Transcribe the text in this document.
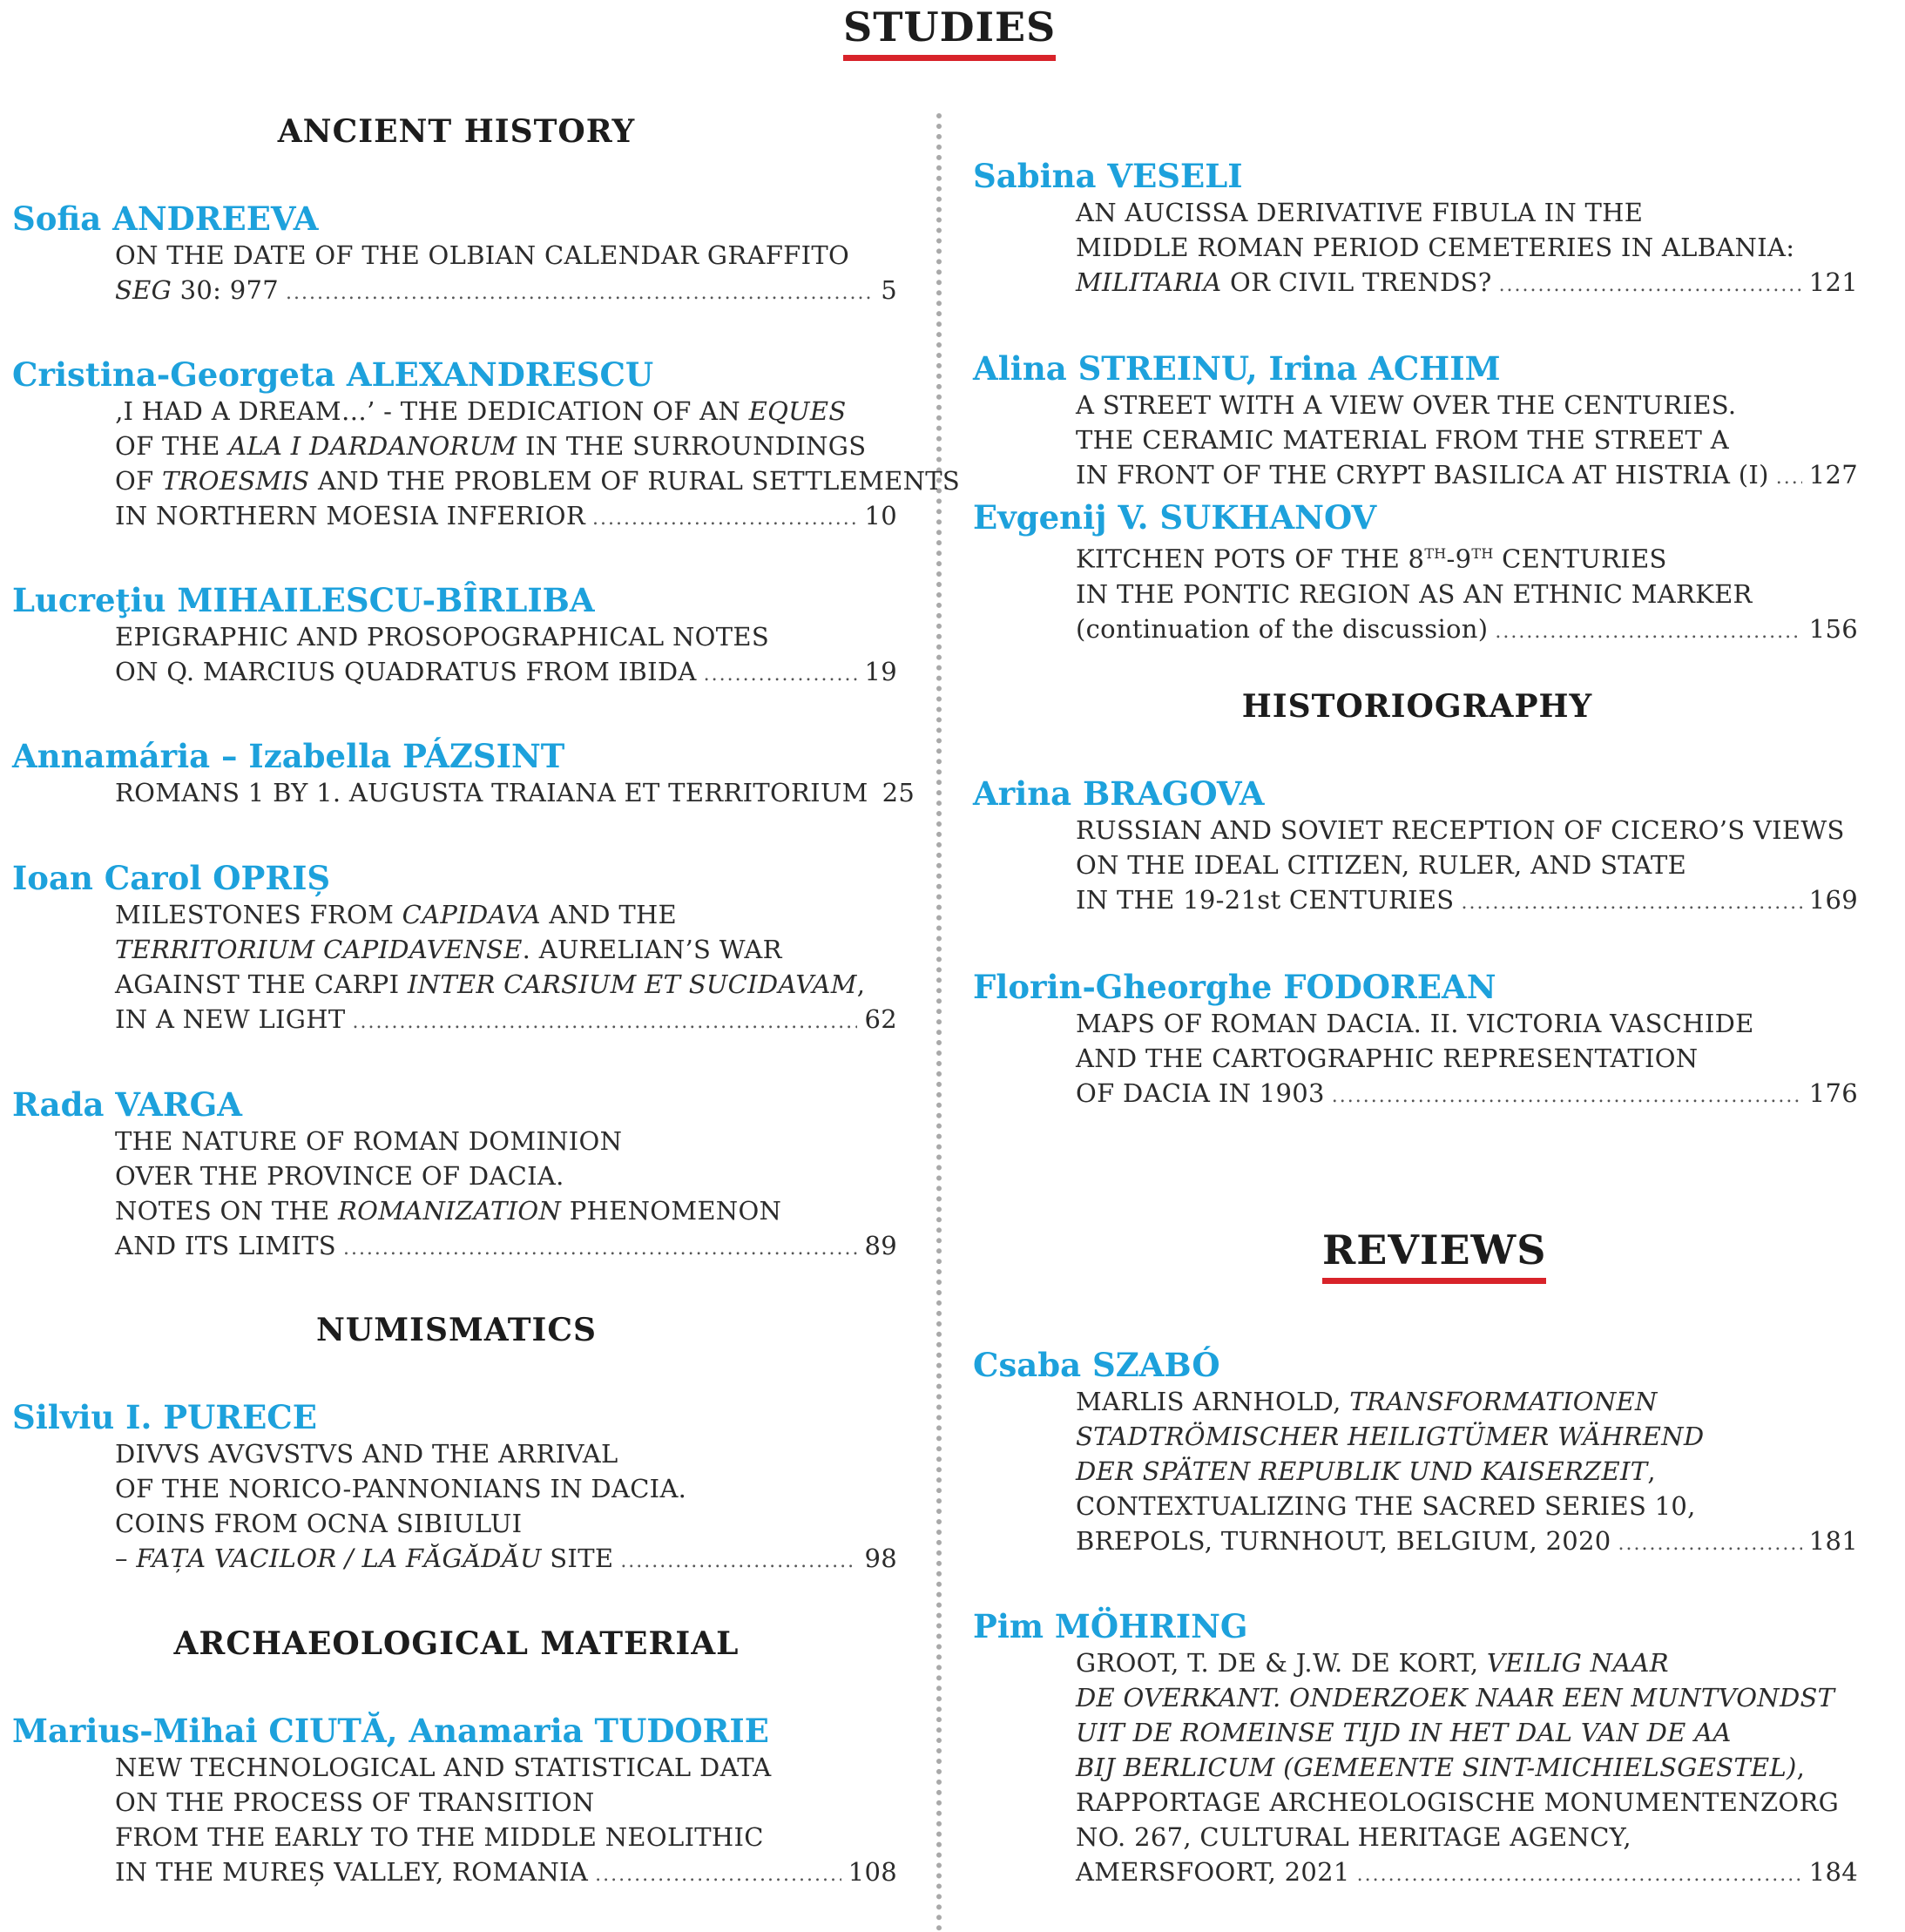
STUDIES
REVIEWS
ANCIENT HISTORY
Sofia ANDREEVA
ON THE DATE OF THE OLBIAN CALENDAR GRAFFITO
SEG 30: 977 .....	5
Cristina-Georgeta ALEXANDRESCU
‚I HAD A DREAM…’ - THE DEDICATION OF AN EQUES
OF THE ALA I DARDANORUM IN THE SURROUNDINGS
OF TROESMIS AND THE PROBLEM OF RURAL SETTLEMENTS
IN NORTHERN MOESIA INFERIOR .....	10
Lucreţiu MIHAILESCU-BÎRLIBA
EPIGRAPHIC AND PROSOPOGRAPHICAL NOTES
ON Q. MARCIUS QUADRATUS FROM IBIDA .....	19
Annamária – Izabella PÁZSINT
ROMANS 1 BY 1. AUGUSTA TRAIANA ET TERRITORIUM 25
Ioan Carol OPRIȘ
MILESTONES FROM CAPIDAVA AND THE
TERRITORIUM CAPIDAVENSE. AURELIAN’S WAR
AGAINST THE CARPI INTER CARSIUM ET SUCIDAVAM,
IN A NEW LIGHT .....	62
Rada VARGA
THE NATURE OF ROMAN DOMINION
OVER THE PROVINCE OF DACIA.
NOTES ON THE ROMANIZATION PHENOMENON
AND ITS LIMITS .....	89
NUMISMATICS
Silviu I. PURECE
DIVVS AVGVSTVS AND THE ARRIVAL
OF THE NORICO-PANNONIANS IN DACIA.
COINS FROM OCNA SIBIULUI
– FAȚA VACILOR / LA FĂGĂDĂU SITE .....	98
ARCHAEOLOGICAL MATERIAL
Marius-Mihai CIUTĂ, Anamaria TUDORIE
NEW TECHNOLOGICAL AND STATISTICAL DATA
ON THE PROCESS OF TRANSITION
FROM THE EARLY TO THE MIDDLE NEOLITHIC
IN THE MUREȘ VALLEY, ROMANIA .....	108
Sabina VESELI
AN AUCISSA DERIVATIVE FIBULA IN THE
MIDDLE ROMAN PERIOD CEMETERIES IN ALBANIA:
MILITARIA OR CIVIL TRENDS? .....	121
Alina STREINU, Irina ACHIM
A STREET WITH A VIEW OVER THE CENTURIES.
THE CERAMIC MATERIAL FROM THE STREET A
IN FRONT OF THE CRYPT BASILICA AT HISTRIA (I) ..... 127
Evgenij V. SUKHANOV
KITCHEN POTS OF THE 8TH-9TH CENTURIES
IN THE PONTIC REGION AS AN ETHNIC MARKER
(continuation of the discussion) .....	156
HISTORIOGRAPHY
Arina BRAGOVA
RUSSIAN AND SOVIET RECEPTION OF CICERO’S VIEWS
ON THE IDEAL CITIZEN, RULER, AND STATE
IN THE 19-21st CENTURIES .....	169
Florin-Gheorghe FODOREAN
MAPS OF ROMAN DACIA. II. VICTORIA VASCHIDE
AND THE CARTOGRAPHIC REPRESENTATION
OF DACIA IN 1903 .....	176
Csaba SZABÓ
MARLIS ARNHOLD, TRANSFORMATIONEN
STADTRÖMISCHER HEILIGTÜMER WÄHREND
DER SPÄTEN REPUBLIK UND KAISERZEIT,
CONTEXTUALIZING THE SACRED SERIES 10,
BREPOLS, TURNHOUT, BELGIUM, 2020 .....	181
Pim MÖHRING
GROOT, T. DE & J.W. DE KORT, VEILIG NAAR
DE OVERKANT. ONDERZOEK NAAR EEN MUNTVONDST
UIT DE ROMEINSE TIJD IN HET DAL VAN DE AA
BIJ BERLICUM (GEMEENTE SINT-MICHIELSGESTEL),
RAPPORTAGE ARCHEOLOGISCHE MONUMENTENZORG
NO. 267, CULTURAL HERITAGE AGENCY,
AMERSFOORT, 2021 .....	184
